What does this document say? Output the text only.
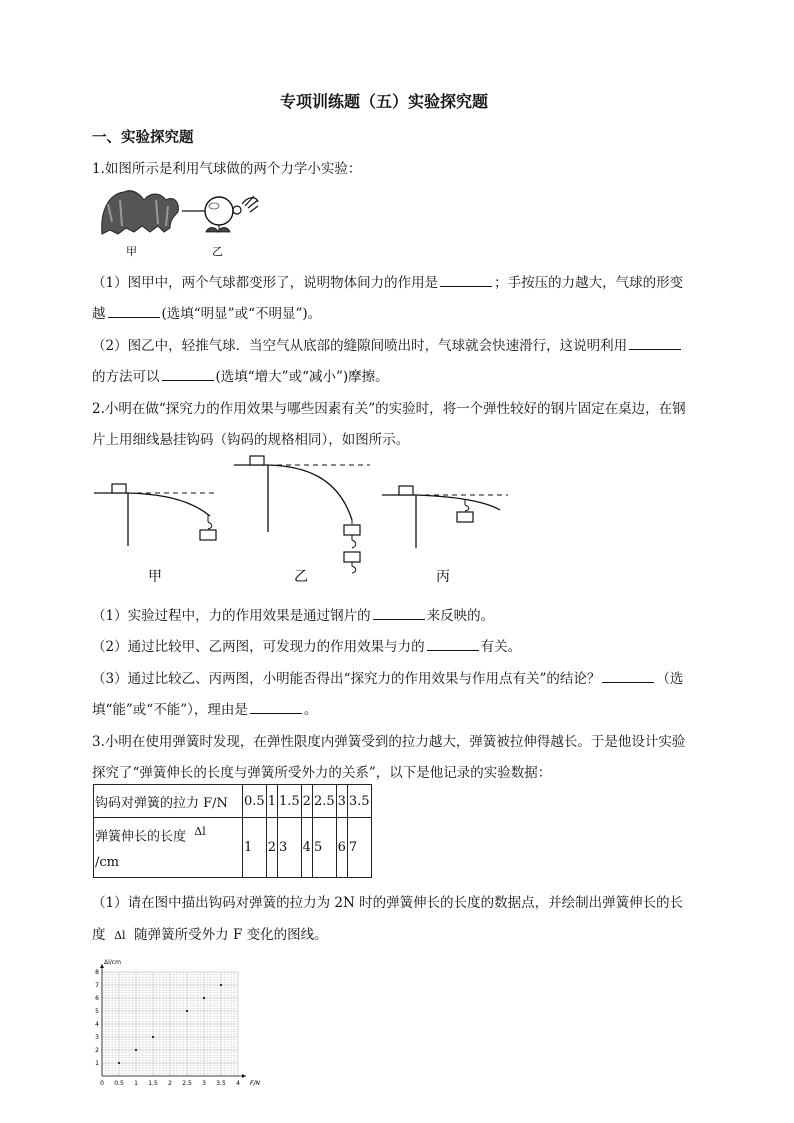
专项训练题（五）实验探究题
一、实验探究题
1.如图所示是利用气球做的两个力学小实验：
甲	乙
（1）图甲中，两个气球都变形了，说明物体间力的作用是	；手按压的力越大，气球的形变
越	(选填“明显”或“不明显”)。
（2）图乙中，轻推气球．当空气从底部的缝隙间喷出时，气球就会快速滑行，这说明利用
的方法可以	(选填“增大”或“减小”)摩擦。
2.小明在做“探究力的作用效果与哪些因素有关”的实验时，将一个弹性较好的钢片固定在桌边，在钢
片上用细线悬挂钩码（钩码的规格相同），如图所示。
甲	乙	丙
（1）实验过程中，力的作用效果是通过钢片的	来反映的。
（2）通过比较甲、乙两图，可发现力的作用效果与力的	有关。
（3）通过比较乙、丙两图，小明能否得出“探究力的作用效果与作用点有关”的结论？	（选
填“能”或“不能”），理由是	。
3.小明在使用弹簧时发现，在弹性限度内弹簧受到的拉力越大，弹簧被拉伸得越长。于是他设计实验
探究了“弹簧伸长的长度与弹簧所受外力的关系”，以下是他记录的实验数据：
钩码对弹簧的拉力 F/N	0.5	1	1.5	2	2.5	3	3.5
弹簧伸长的长度 $^{\Delta l}$
/cm	1	2	3	4	5	6	7
（1）请在图中描出钩码对弹簧的拉力为 2N 时的弹簧伸长的长度的数据点，并绘制出弹簧伸长的长
度 Δl 随弹簧所受外力 F 变化的图线。
0 0.5 1 1.5 2 2.5 3 3.5 4
1
2
3
4
5
6
7
8
Δl/cm
F/N
